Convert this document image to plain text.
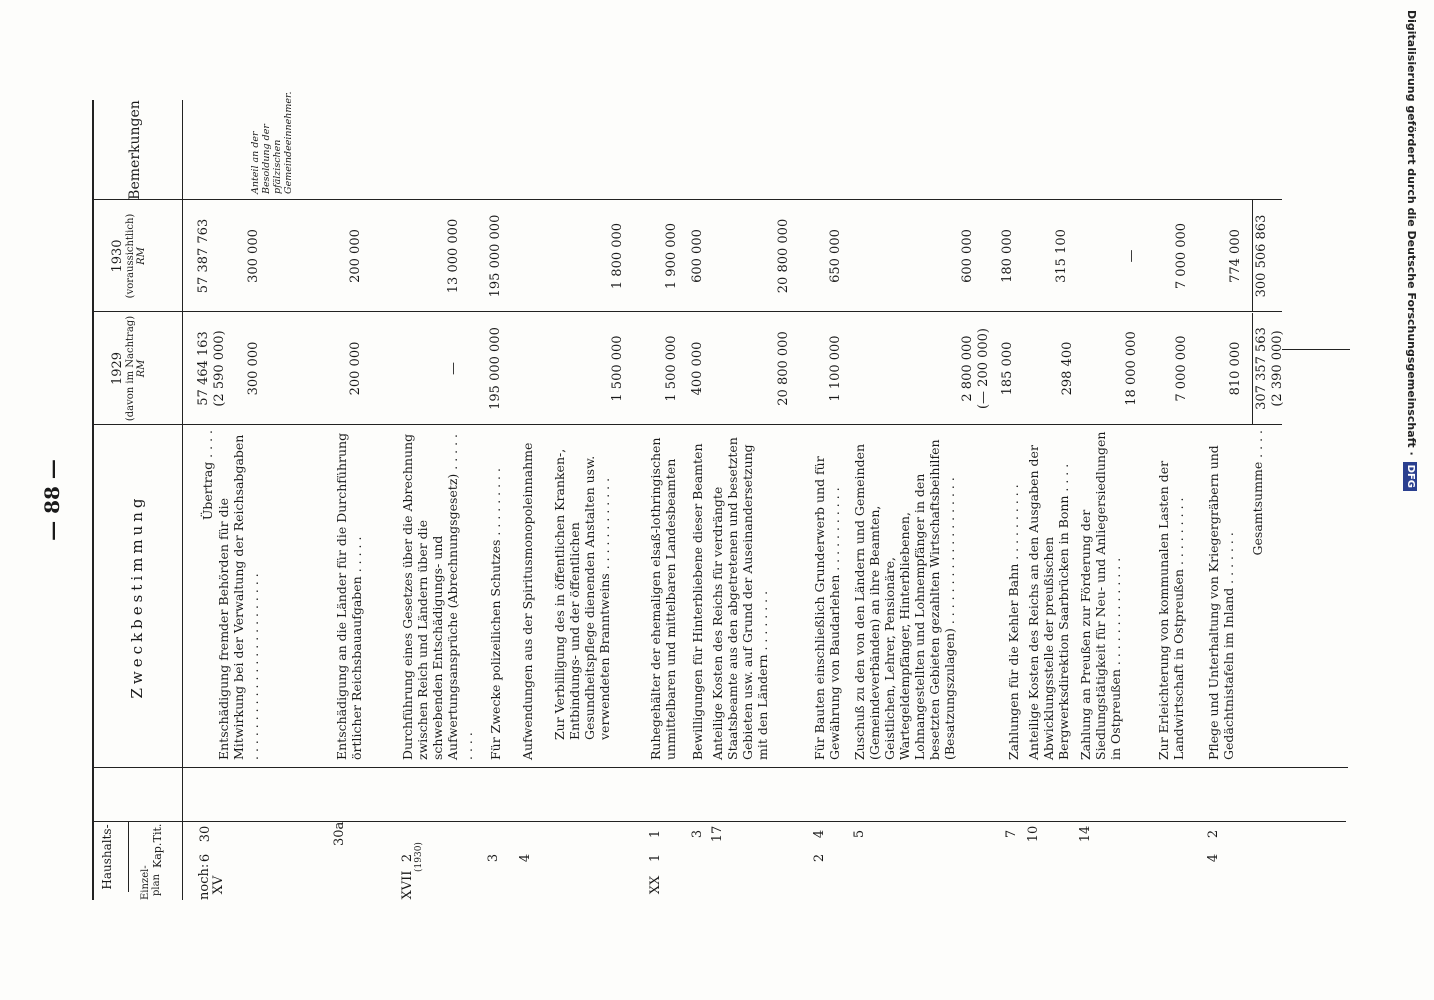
Digitalisierung gefördert durch die Deutsche Forschungsgemeinschaft ·DFG
— 88 —
Haushalts-	Einzel-plan
Kap.
Tit.
Zweckbestimmung
1929 (davon im Nachtrag) RM
1930 (voraussichtlich) RM
Bemerkungen
noch: XV
6
30
Übertrag . . . .
57 464 163 (2 590 000)
57 387 763
Entschädigung fremder Behörden für die Mitwirkung bei der Verwaltung der Reichsabgaben . . . . . . . . . . . . . . . . . . . . . . . .
300 000
300 000
Anteil an der Besoldung der pfälzischen Gemeindeeinnehmer.
30a
Entschädigung an die Länder für die Durchführung örtlicher Reichsbauaufgaben . . . . .
200 000
200 000
XVII
2 (1930)
Durchführung eines Gesetzes über die Abrechnung zwischen Reich und Ländern über die schwebenden Entschädigungs- und Aufwertungsansprüche (Abrechnungsgesetz) . . . . . . . . .
—
13 000 000
3
Für Zwecke polizeilichen Schutzes . . . . . . . . .
195 000 000
195 000 000
4
Aufwendungen aus der Spiritusmonopoleinnahme Zur Verbilligung des in öffentlichen Kranken-, Entbindungs- und der öffentlichen Gesundheitspflege dienenden Anstalten usw. verwendeten Branntweins . . . . . . . . . . . .
1 500 000
1 800 000
XX
1
1
Ruhegehälter der ehemaligen elsaß-lothringischen unmittelbaren und mittelbaren Landesbeamten
1 500 000
1 900 000
3
Bewilligungen für Hinterbliebene dieser Beamten
400 000
600 000
17
Anteilige Kosten des Reichs für verdrängte Staatsbeamte aus den abgetretenen und besetzten Gebieten usw. auf Grund der Auseinandersetzung mit den Ländern . . . . . . . .
20 800 000
20 800 000
2
4
Für Bauten einschließlich Grunderwerb und für Gewährung von Baudarlehen . . . . . . . . . . .
1 100 000
650 000
5
Zuschuß zu den von den Ländern und Gemeinden (Gemeindeverbänden) an ihre Beamten, Geistlichen, Lehrer, Pensionäre, Wartegeldempfänger, Hinterbliebenen, Lohnangestellten und Lohnempfänger in den besetzten Gebieten gezahlten Wirtschaftsbeihilfen (Besatzungszulagen) . . . . . . . . . . . . . . . . . . .
2 800 000 (— 200 000)
600 000
7
Zahlungen für die Kehler Bahn . . . . . . . . . .
185 000
180 000
10
Anteilige Kosten des Reichs an den Ausgaben der Abwicklungsstelle der preußischen Bergwerksdirektion Saarbrücken in Bonn . . . .
298 400
315 100
14
Zahlung an Preußen zur Förderung der Siedlungstätigkeit für Neu- und Anliegersiedlungen in Ostpreußen . . . . . . . . . . . . . .
18 000 000
—
Zur Erleichterung von kommunalen Lasten der Landwirtschaft in Ostpreußen . . . . . . . . .
7 000 000
7 000 000
4
2
Pflege und Unterhaltung von Kriegergräbern und Gedächtnistafeln im Inland . . . . . . .
810 000
774 000
Gesamtsumme . . . .
307 357 563 (2 390 000)
300 506 863
